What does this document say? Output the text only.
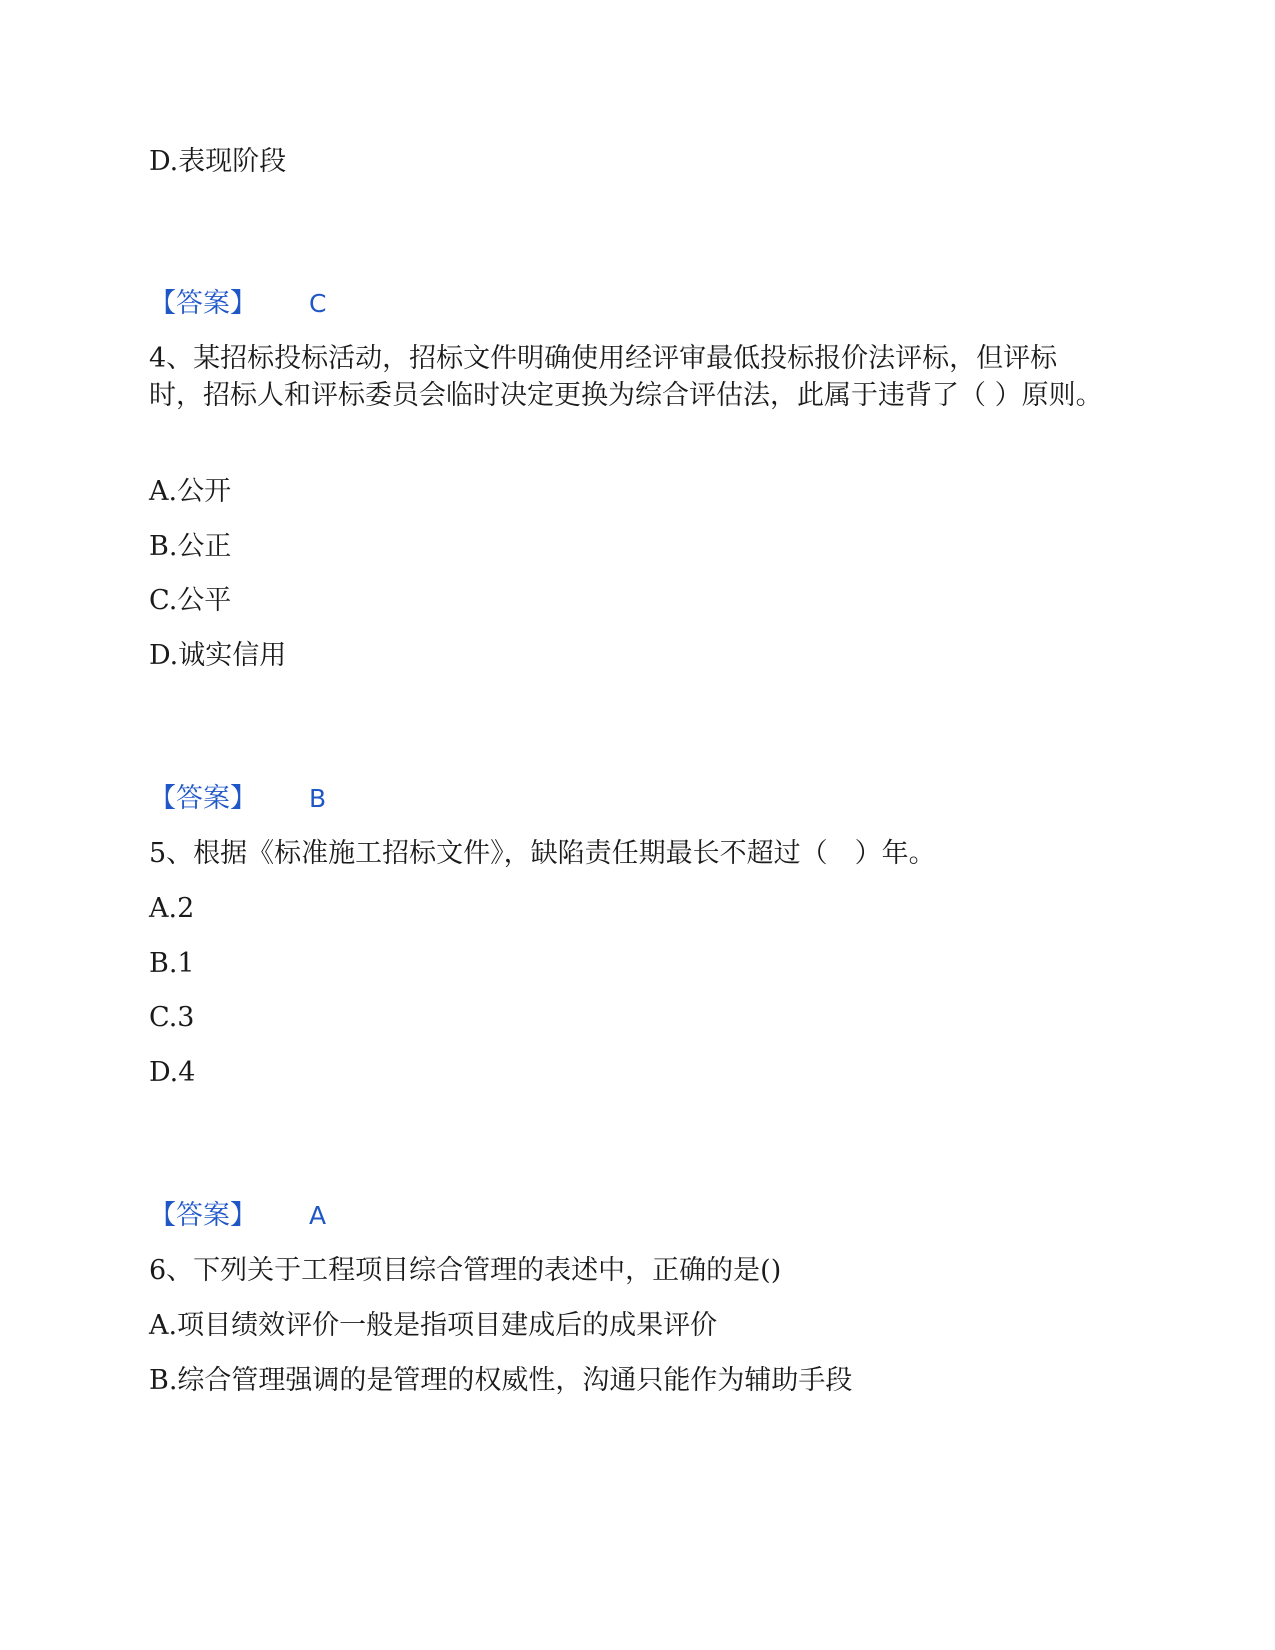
D.表现阶段
【答案】 C
4、某招标投标活动，招标文件明确使用经评审最低投标报价法评标，但评标时，招标人和评标委员会临时决定更换为综合评估法，此属于违背了（ ）原则。
A.公开
B.公正
C.公平
D.诚实信用
【答案】 B
5、根据《标准施工招标文件》，缺陷责任期最长不超过（　）年。
A.2
B.1
C.3
D.4
【答案】 A
6、下列关于工程项目综合管理的表述中，正确的是()
A.项目绩效评价一般是指项目建成后的成果评价
B.综合管理强调的是管理的权威性，沟通只能作为辅助手段
